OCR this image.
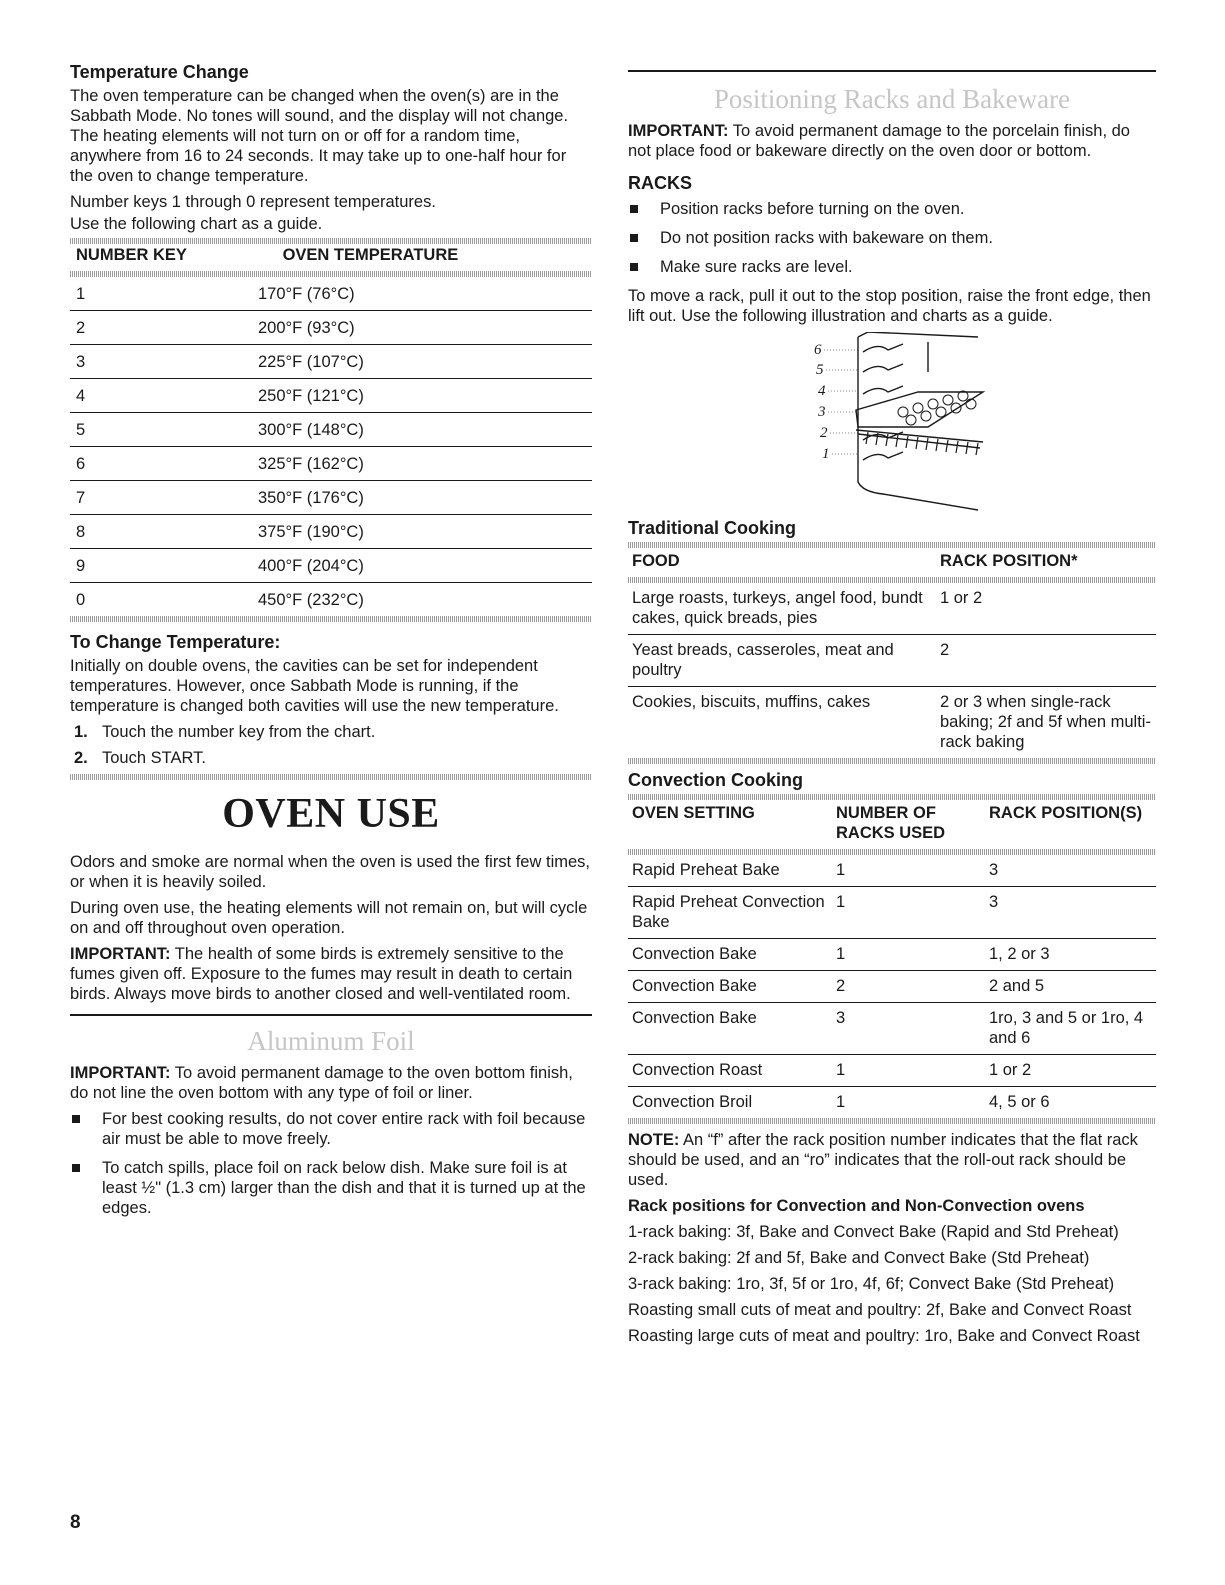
Temperature Change

The oven temperature can be changed when the oven(s) are in the Sabbath Mode. No tones will sound, and the display will not change. The heating elements will not turn on or off for a random time, anywhere from 16 to 24 seconds. It may take up to one-half hour for the oven to change temperature.

Number keys 1 through 0 represent temperatures.
Use the following chart as a guide.
NUMBER KEY	OVEN TEMPERATURE
1	170°F (76°C)
2	200°F (93°C)
3	225°F (107°C)
4	250°F (121°C)
5	300°F (148°C)
6	325°F (162°C)
7	350°F (176°C)
8	375°F (190°C)
9	400°F (204°C)
0	450°F (232°C)
To Change Temperature:

Initially on double ovens, the cavities can be set for independent temperatures. However, once Sabbath Mode is running, if the temperature is changed both cavities will use the new temperature.

1. Touch the number key from the chart.
2. Touch START.
OVEN USE

Odors and smoke are normal when the oven is used the first few times, or when it is heavily soiled.

During oven use, the heating elements will not remain on, but will cycle on and off throughout oven operation.

IMPORTANT: The health of some birds is extremely sensitive to the fumes given off. Exposure to the fumes may result in death to certain birds. Always move birds to another closed and well-ventilated room.

Aluminum Foil

IMPORTANT: To avoid permanent damage to the oven bottom finish, do not line the oven bottom with any type of foil or liner.

For best cooking results, do not cover entire rack with foil because air must be able to move freely.
To catch spills, place foil on rack below dish. Make sure foil is at least ½" (1.3 cm) larger than the dish and that it is turned up at the edges.
Positioning Racks and Bakeware

IMPORTANT: To avoid permanent damage to the porcelain finish, do not place food or bakeware directly on the oven door or bottom.

RACKS
Position racks before turning on the oven.
Do not position racks with bakeware on them.
Make sure racks are level.

To move a rack, pull it out to the stop position, raise the front edge, then lift out. Use the following illustration and charts as a guide.

6
5
4
3
2
1
Traditional Cooking
FOOD	RACK POSITION*
Large roasts, turkeys, angel food, bundt cakes, quick breads, pies	1 or 2
Yeast breads, casseroles, meat and poultry	2
Cookies, biscuits, muffins, cakes	2 or 3 when single-rack baking; 2f and 5f when multi-rack baking
Convection Cooking
OVEN SETTING	NUMBER OF RACKS USED	RACK POSITION(S)
Rapid Preheat Bake	1	3
Rapid Preheat Convection Bake	1	3
Convection Bake	1	1, 2 or 3
Convection Bake	2	2 and 5
Convection Bake	3	1ro, 3 and 5 or 1ro, 4 and 6
Convection Roast	1	1 or 2
Convection Broil	1	4, 5 or 6

NOTE: An “f” after the rack position number indicates that the flat rack should be used, and an “ro” indicates that the roll-out rack should be used.

Rack positions for Convection and Non-Convection ovens

1-rack baking: 3f, Bake and Convect Bake (Rapid and Std Preheat)

2-rack baking: 2f and 5f, Bake and Convect Bake (Std Preheat)

3-rack baking: 1ro, 3f, 5f or 1ro, 4f, 6f; Convect Bake (Std Preheat)

Roasting small cuts of meat and poultry: 2f, Bake and Convect Roast

Roasting large cuts of meat and poultry: 1ro, Bake and Convect Roast

8
